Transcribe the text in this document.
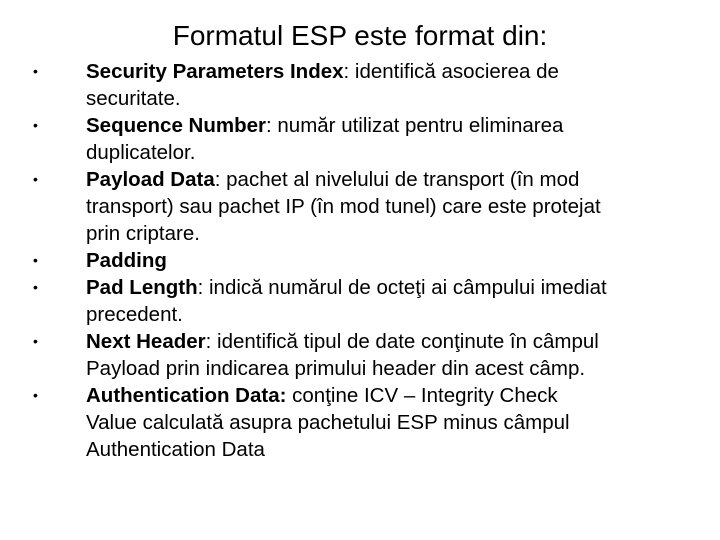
Formatul ESP este format din:
• Security Parameters Index: identifică asocierea de
securitate.
• Sequence Number: număr utilizat pentru eliminarea
duplicatelor.
• Payload Data: pachet al nivelului de transport (în mod
transport) sau pachet IP (în mod tunel) care este protejat
prin criptare.
• Padding
• Pad Length: indică numărul de octeţi ai câmpului imediat
precedent.
• Next Header: identifică tipul de date conţinute în câmpul
Payload prin indicarea primului header din acest câmp.
• Authentication Data: conţine ICV – Integrity Check
Value calculată asupra pachetului ESP minus câmpul
Authentication Data
